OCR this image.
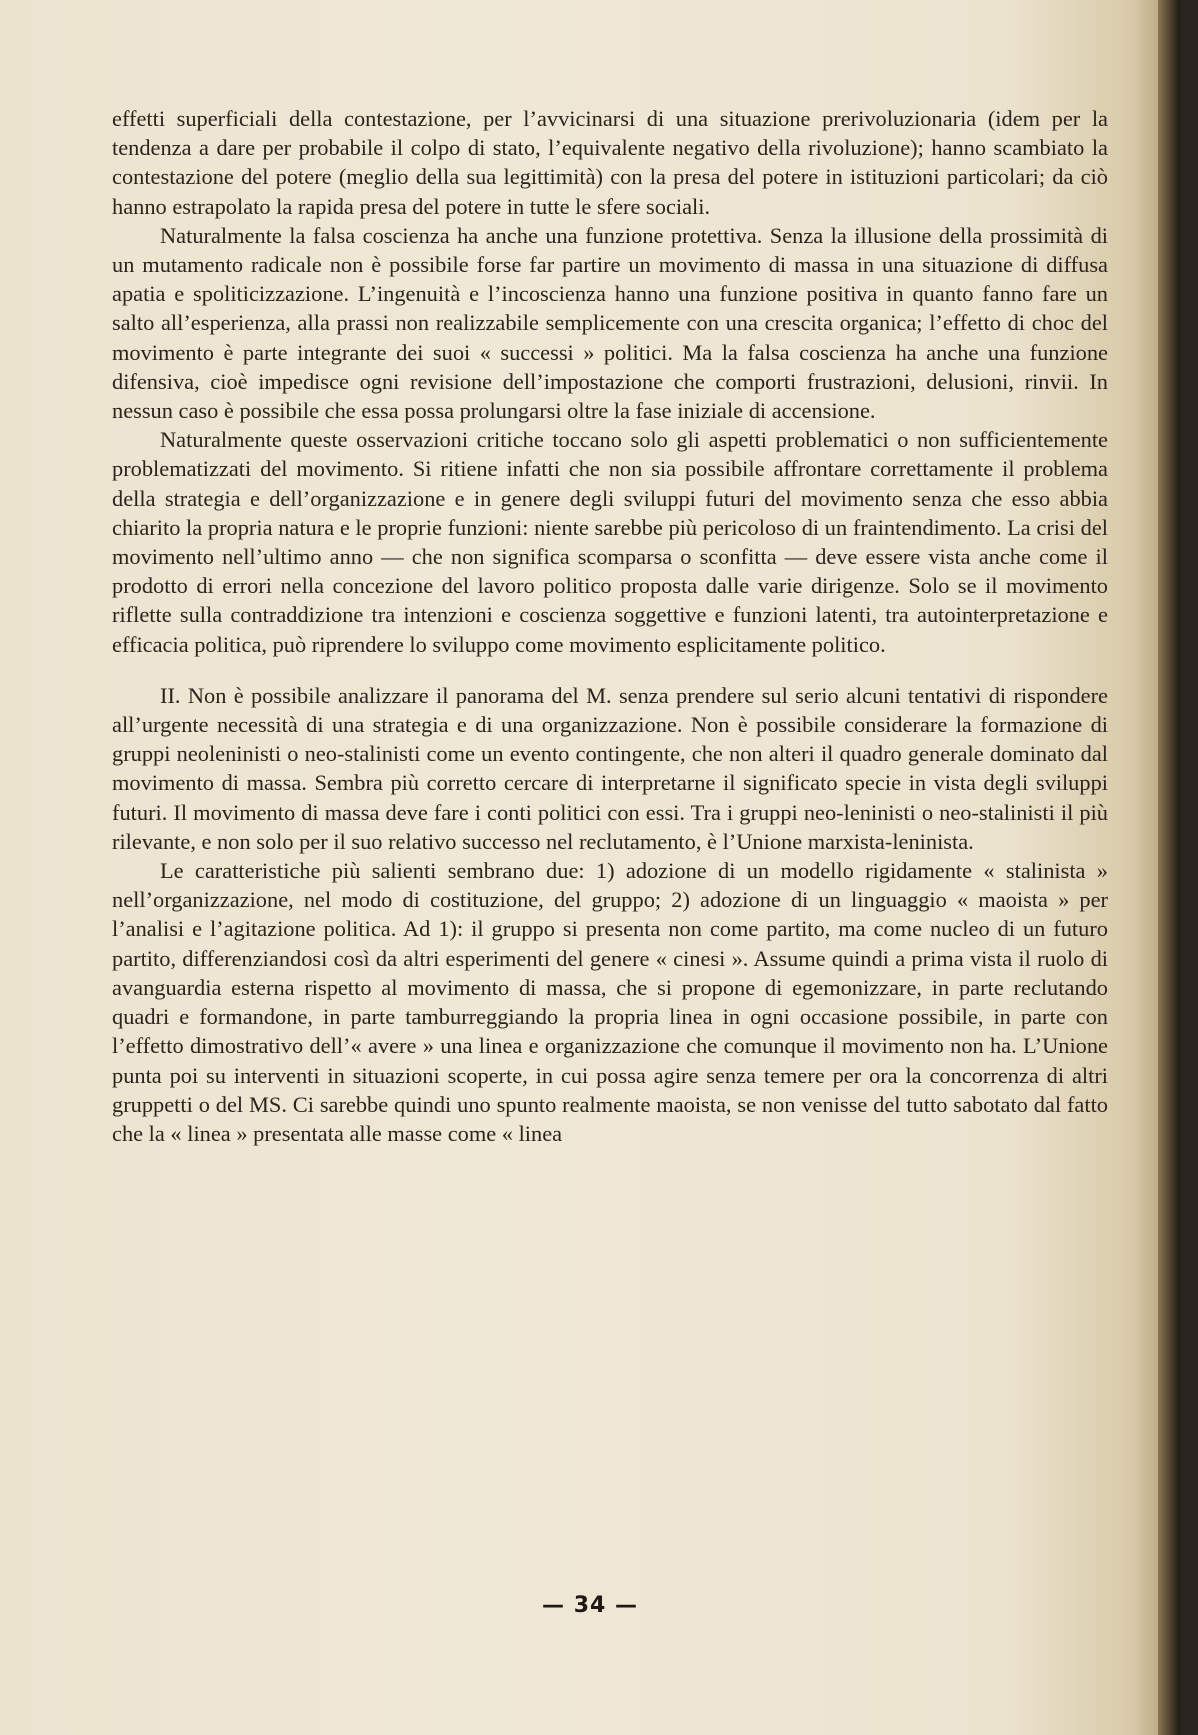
effetti superficiali della contestazione, per l’avvicinarsi di una situazione prerivoluzionaria (idem per la tendenza a dare per probabile il colpo di stato, l’equivalente negativo della rivoluzione); hanno scambiato la contestazione del potere (meglio della sua legittimità) con la presa del potere in istituzioni particolari; da ciò hanno estrapolato la rapida presa del potere in tutte le sfere sociali.

Naturalmente la falsa coscienza ha anche una funzione protettiva. Senza la illusione della prossimità di un mutamento radicale non è possibile forse far partire un movimento di massa in una situazione di diffusa apatia e spoliticizzazione. L’ingenuità e l’incoscienza hanno una funzione positiva in quanto fanno fare un salto all’esperienza, alla prassi non realizzabile semplicemente con una crescita organica; l’effetto di choc del movimento è parte integrante dei suoi « successi » politici. Ma la falsa coscienza ha anche una funzione difensiva, cioè impedisce ogni revisione dell’impostazione che comporti frustrazioni, delusioni, rinvii. In nessun caso è possibile che essa possa prolungarsi oltre la fase iniziale di accensione.

Naturalmente queste osservazioni critiche toccano solo gli aspetti problematici o non sufficientemente problematizzati del movimento. Si ritiene infatti che non sia possibile affrontare correttamente il problema della strategia e dell’organizzazione e in genere degli sviluppi futuri del movimento senza che esso abbia chiarito la propria natura e le proprie funzioni: niente sarebbe più pericoloso di un fraintendimento. La crisi del movimento nell’ultimo anno — che non significa scomparsa o sconfitta — deve essere vista anche come il prodotto di errori nella concezione del lavoro politico proposta dalle varie dirigenze. Solo se il movimento riflette sulla contraddizione tra intenzioni e coscienza soggettive e funzioni latenti, tra autointerpretazione e efficacia politica, può riprendere lo sviluppo come movimento esplicitamente politico.

II. Non è possibile analizzare il panorama del M. senza prendere sul serio alcuni tentativi di rispondere all’urgente necessità di una strategia e di una organizzazione. Non è possibile considerare la formazione di gruppi neoleninisti o neo-stalinisti come un evento contingente, che non alteri il quadro generale dominato dal movimento di massa. Sembra più corretto cercare di interpretarne il significato specie in vista degli sviluppi futuri. Il movimento di massa deve fare i conti politici con essi. Tra i gruppi neo-leninisti o neo-stalinisti il più rilevante, e non solo per il suo relativo successo nel reclutamento, è l’Unione marxista-leninista.

Le caratteristiche più salienti sembrano due: 1) adozione di un modello rigidamente « stalinista » nell’organizzazione, nel modo di costituzione, del gruppo; 2) adozione di un linguaggio « maoista » per l’analisi e l’agitazione politica. Ad 1): il gruppo si presenta non come partito, ma come nucleo di un futuro partito, differenziandosi così da altri esperimenti del genere « cinesi ». Assume quindi a prima vista il ruolo di avanguardia esterna rispetto al movimento di massa, che si propone di egemonizzare, in parte reclutando quadri e formandone, in parte tamburreggiando la propria linea in ogni occasione possibile, in parte con l’effetto dimostrativo dell’« avere » una linea e organizzazione che comunque il movimento non ha. L’Unione punta poi su interventi in situazioni scoperte, in cui possa agire senza temere per ora la concorrenza di altri gruppetti o del MS. Ci sarebbe quindi uno spunto realmente maoista, se non venisse del tutto sabotato dal fatto che la « linea » presentata alle masse come « linea

— 34 —
